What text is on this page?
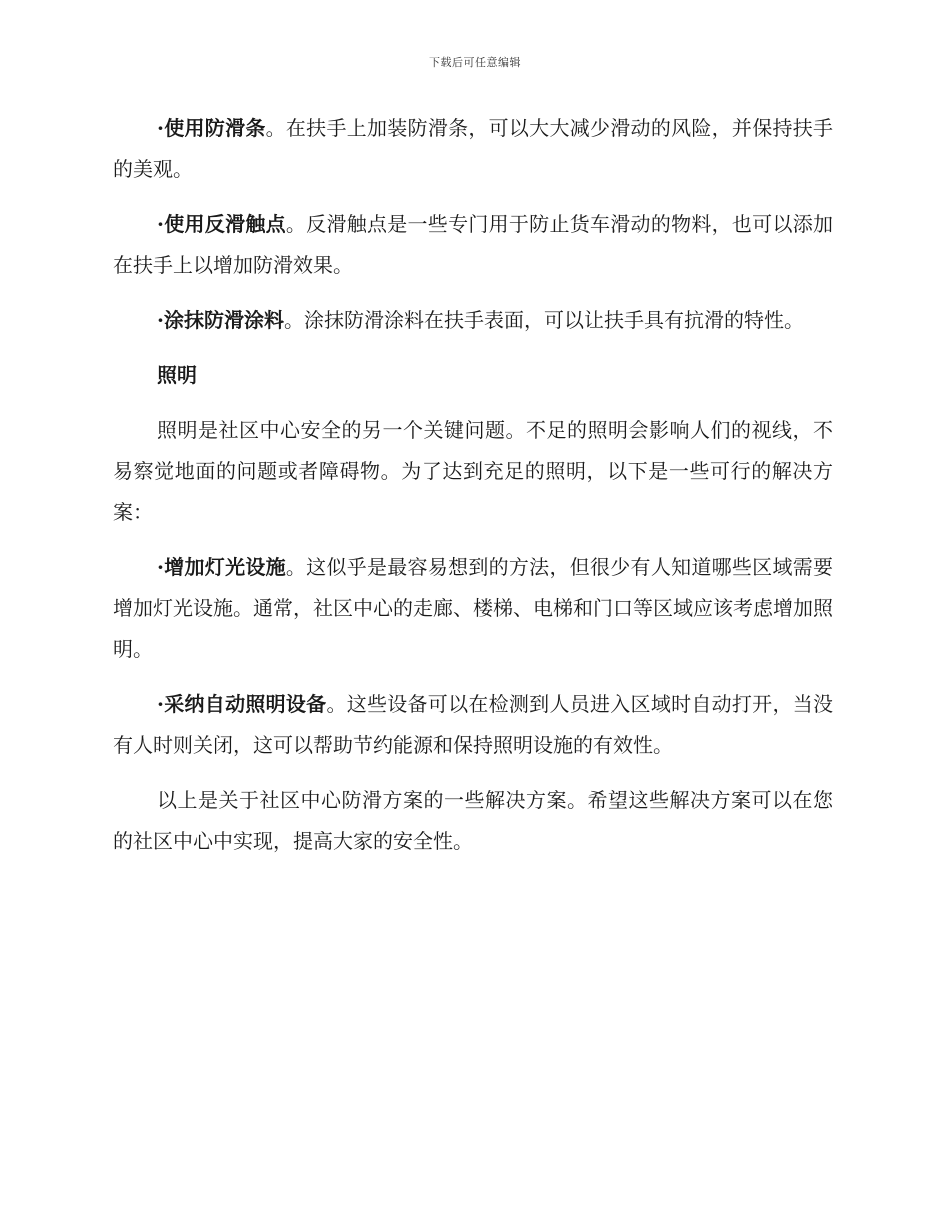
下载后可任意编辑

·使用防滑条。在扶手上加装防滑条，可以大大减少滑动的风险，并保持扶手的美观。

·使用反滑触点。反滑触点是一些专门用于防止货车滑动的物料，也可以添加在扶手上以增加防滑效果。

·涂抹防滑涂料。涂抹防滑涂料在扶手表面，可以让扶手具有抗滑的特性。

照明

照明是社区中心安全的另一个关键问题。不足的照明会影响人们的视线，不易察觉地面的问题或者障碍物。为了达到充足的照明，以下是一些可行的解决方案：

·增加灯光设施。这似乎是最容易想到的方法，但很少有人知道哪些区域需要增加灯光设施。通常，社区中心的走廊、楼梯、电梯和门口等区域应该考虑增加照明。

·采纳自动照明设备。这些设备可以在检测到人员进入区域时自动打开，当没有人时则关闭，这可以帮助节约能源和保持照明设施的有效性。

以上是关于社区中心防滑方案的一些解决方案。希望这些解决方案可以在您的社区中心中实现，提高大家的安全性。
